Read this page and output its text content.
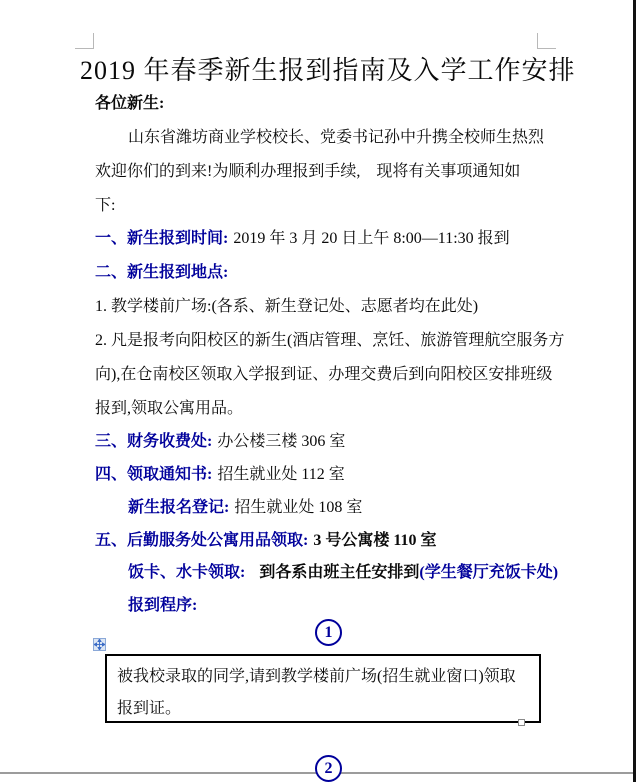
2019 年春季新生报到指南及入学工作安排
各位新生:
山东省潍坊商业学校校长、党委书记孙中升携全校师生热烈
欢迎你们的到来!为顺利办理报到手续,　现将有关事项通知如
下:
一、新生报到时间: 2019 年 3 月 20 日上午 8:00—11:30 报到
二、新生报到地点:
1. 教学楼前广场:(各系、新生登记处、志愿者均在此处)
2. 凡是报考向阳校区的新生(酒店管理、烹饪、旅游管理航空服务方
向),在仓南校区领取入学报到证、办理交费后到向阳校区安排班级
报到,领取公寓用品。
三、财务收费处: 办公楼三楼 306 室
四、领取通知书: 招生就业处 112 室
新生报名登记: 招生就业处 108 室
五、后勤服务处公寓用品领取: 3 号公寓楼 110 室
饭卡、水卡领取: 到各系由班主任安排到(学生餐厅充饭卡处)
报到程序:
1
被我校录取的同学,请到教学楼前广场(招生就业窗口)领取
报到证。
2
